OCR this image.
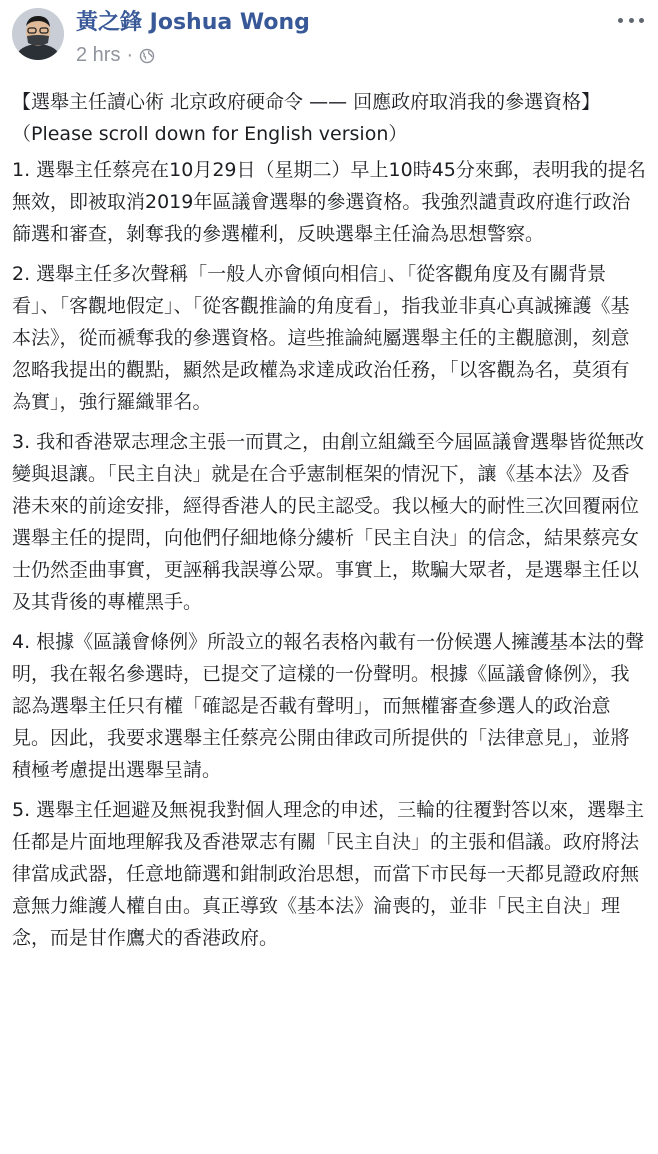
黃之鋒 Joshua Wong
2 hrs ·

【選舉主任讀心術 北京政府硬命令 —— 回應政府取消我的參選資格】

（Please scroll down for English version）

1. 選舉主任蔡亮在10月29日（星期二）早上10時45分來郵，表明我的提名無效，即被取消2019年區議會選舉的參選資格。我強烈譴責政府進行政治篩選和審查，剝奪我的參選權利，反映選舉主任淪為思想警察。

2. 選舉主任多次聲稱「一般人亦會傾向相信」、「從客觀角度及有關背景看」、「客觀地假定」、「從客觀推論的角度看」，指我並非真心真誠擁護《基本法》，從而褫奪我的參選資格。這些推論純屬選舉主任的主觀臆測，刻意忽略我提出的觀點，顯然是政權為求達成政治任務，「以客觀為名，莫須有為實」，強行羅織罪名。

3. 我和香港眾志理念主張一而貫之，由創立組織至今屆區議會選舉皆從無改變與退讓。「民主自決」就是在合乎憲制框架的情況下，讓《基本法》及香港未來的前途安排，經得香港人的民主認受。我以極大的耐性三次回覆兩位選舉主任的提問，向他們仔細地條分縷析「民主自決」的信念，結果蔡亮女士仍然歪曲事實，更誣稱我誤導公眾。事實上，欺騙大眾者，是選舉主任以及其背後的專權黑手。

4. 根據《區議會條例》所設立的報名表格內載有一份候選人擁護基本法的聲明，我在報名參選時，已提交了這樣的一份聲明。根據《區議會條例》，我認為選舉主任只有權「確認是否載有聲明」，而無權審查參選人的政治意見。因此，我要求選舉主任蔡亮公開由律政司所提供的「法律意見」，並將積極考慮提出選舉呈請。

5. 選舉主任迴避及無視我對個人理念的申述，三輪的往覆對答以來，選舉主任都是片面地理解我及香港眾志有關「民主自決」的主張和倡議。政府將法律當成武器，任意地篩選和鉗制政治思想，而當下市民每一天都見證政府無意無力維護人權自由。真正導致《基本法》淪喪的，並非「民主自決」理念，而是甘作鷹犬的香港政府。
